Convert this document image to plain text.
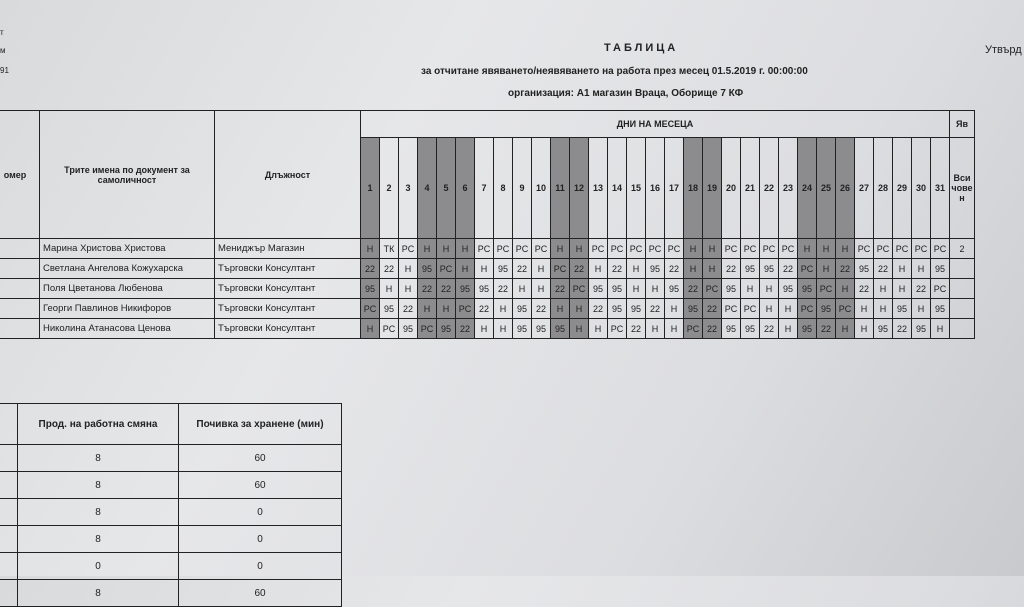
т
м
91
ТАБЛИЦА
за отчитане явяването/неявяването на работа през месец 01.5.2019 г. 00:00:00
организация: А1 магазин Враца, Оборище 7 КФ
Утвърд
омер	Трите имена по документ за самоличност	Длъжност	ДНИ НА МЕСЕЦА																															Яв
			1	2	3	4	5	6	7	8	9	10	11	12	13	14	15	16	17	18	19	20	21	22	23	24	25	26	27	28	29	30	31	Вси чове н
	Марина Христова Христова	Мениджър Магазин	Н	ТК	РС	Н	Н	Н	РС	РС	РС	РС	Н	Н	РС	РС	РС	РС	РС	Н	Н	РС	РС	РС	РС	Н	Н	Н	РС	РС	РС	РС	РС	2
	Светлана Ангелова Кожухарска	Търговски Консултант	22	22	Н	95	РС	Н	Н	95	22	Н	РС	22	Н	22	Н	95	22	Н	Н	22	95	95	22	РС	Н	22	95	22	Н	Н	95	
	Поля Цветанова Любенова	Търговски Консултант	95	Н	Н	22	22	95	95	22	Н	Н	22	РС	95	95	Н	Н	95	22	РС	95	Н	Н	95	95	РС	Н	22	Н	Н	22	РС	
	Георги Павлинов Никифоров	Търговски Консултант	РС	95	22	Н	Н	РС	22	Н	95	22	Н	Н	22	95	95	22	Н	95	22	РС	РС	Н	Н	РС	95	РС	Н	Н	95	Н	95	
	Николина Атанасова Ценова	Търговски Консултант	Н	РС	95	РС	95	22	Н	Н	95	95	95	Н	Н	РС	22	Н	Н	РС	22	95	95	22	Н	95	22	Н	Н	95	22	95	Н	
	Прод. на работна смяна	Почивка за хранене (мин)
	8	60
	8	60
	8	0
	8	0
	0	0
	8	60
